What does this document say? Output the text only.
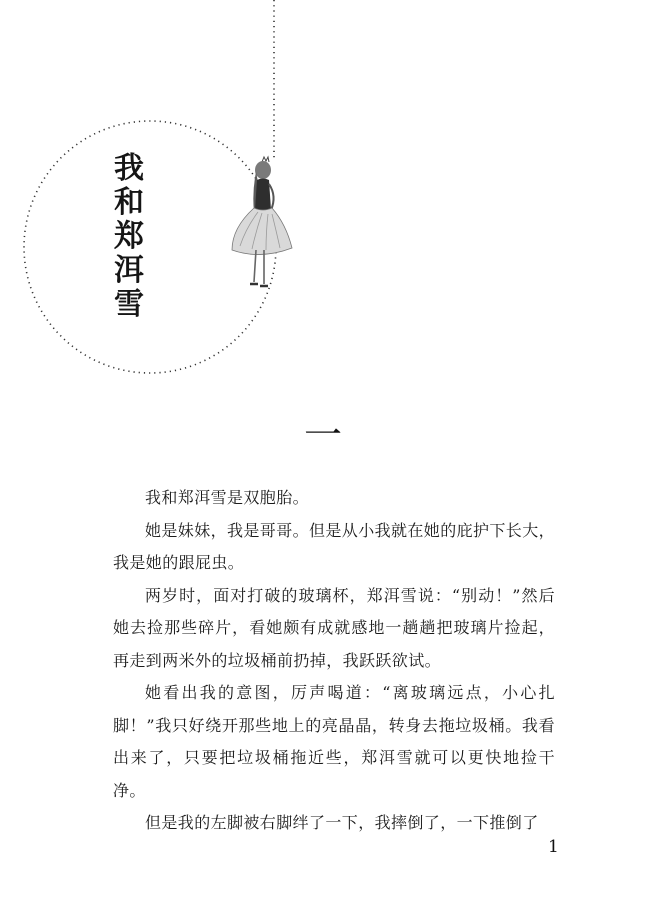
我和郑洱雪
一

我和郑洱雪是双胞胎。

她是妹妹，我是哥哥。但是从小我就在她的庇护下长大，我是她的跟屁虫。

两岁时，面对打破的玻璃杯，郑洱雪说：“别动！”然后她去捡那些碎片，看她颇有成就感地一趟趟把玻璃片捡起，再走到两米外的垃圾桶前扔掉，我跃跃欲试。

她看出我的意图，厉声喝道：“离玻璃远点，小心扎脚！”我只好绕开那些地上的亮晶晶，转身去拖垃圾桶。我看出来了，只要把垃圾桶拖近些，郑洱雪就可以更快地捡干净。

但是我的左脚被右脚绊了一下，我摔倒了，一下推倒了

1
